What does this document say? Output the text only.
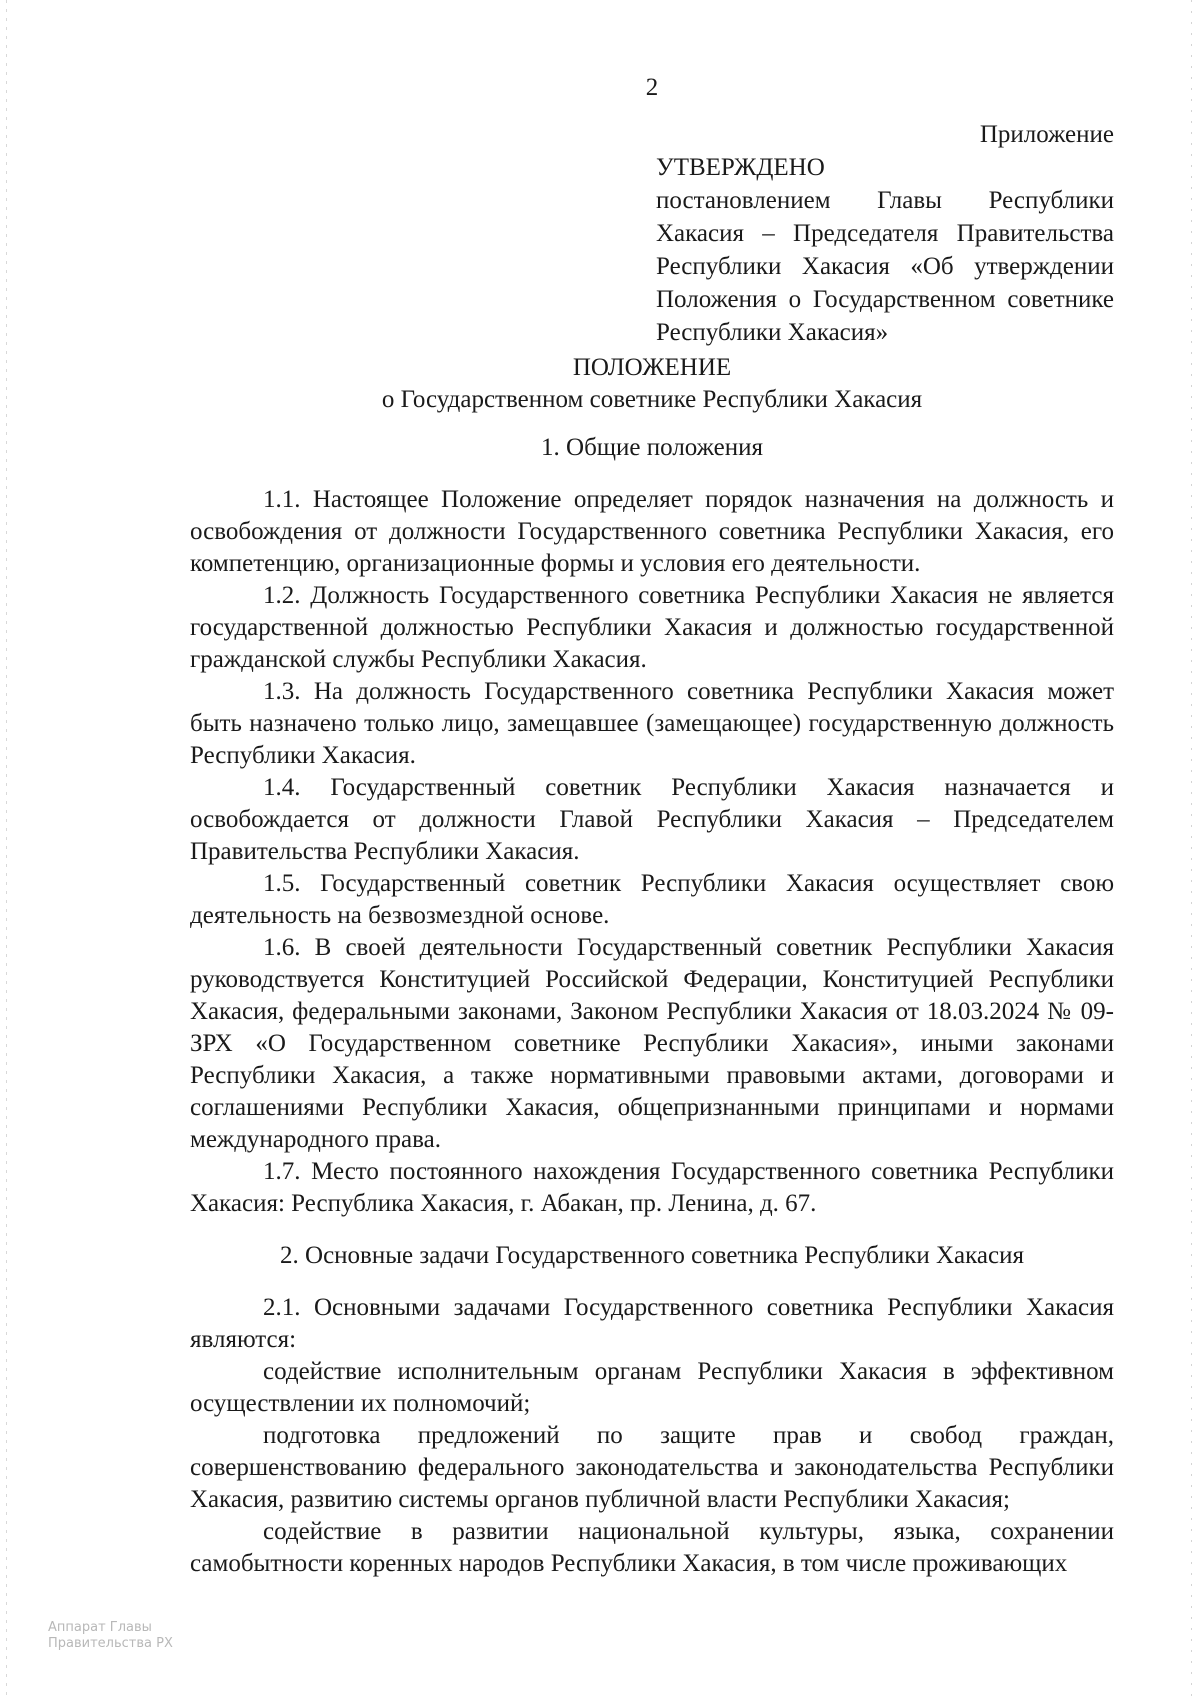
2
Приложение
УТВЕРЖДЕНО
постановлением Главы Республики Хакасия – Председателя Правительства Республики Хакасия «Об утверждении Положения о Государственном советнике Республики Хакасия»

ПОЛОЖЕНИЕ

о Государственном советнике Республики Хакасия

1. Общие положения

1.1. Настоящее Положение определяет порядок назначения на должность и освобождения от должности Государственного советника Республики Хакасия, его компетенцию, организационные формы и условия его деятельности.

1.2. Должность Государственного советника Республики Хакасия не является государственной должностью Республики Хакасия и должностью государственной гражданской службы Республики Хакасия.

1.3. На должность Государственного советника Республики Хакасия может быть назначено только лицо, замещавшее (замещающее) государственную должность Республики Хакасия.

1.4. Государственный советник Республики Хакасия назначается и освобождается от должности Главой Республики Хакасия – Председателем Правительства Республики Хакасия.

1.5. Государственный советник Республики Хакасия осуществляет свою деятельность на безвозмездной основе.

1.6. В своей деятельности Государственный советник Республики Хакасия руководствуется Конституцией Российской Федерации, Конституцией Республики Хакасия, федеральными законами, Законом Республики Хакасия от 18.03.2024 № 09-ЗРХ «О Государственном советнике Республики Хакасия», иными законами Республики Хакасия, а также нормативными правовыми актами, договорами и соглашениями Республики Хакасия, общепризнанными принципами и нормами международного права.

1.7. Место постоянного нахождения Государственного советника Республики Хакасия: Республика Хакасия, г. Абакан, пр. Ленина, д. 67.

2. Основные задачи Государственного советника Республики Хакасия

2.1. Основными задачами Государственного советника Республики Хакасия являются:

содействие исполнительным органам Республики Хакасия в эффективном осуществлении их полномочий;

подготовка предложений по защите прав и свобод граждан, совершенствованию федерального законодательства и законодательства Республики Хакасия, развитию системы органов публичной власти Республики Хакасия;

содействие в развитии национальной культуры, языка, сохранении самобытности коренных народов Республики Хакасия, в том числе проживающих

Аппарат Главы
Правительства РХ
